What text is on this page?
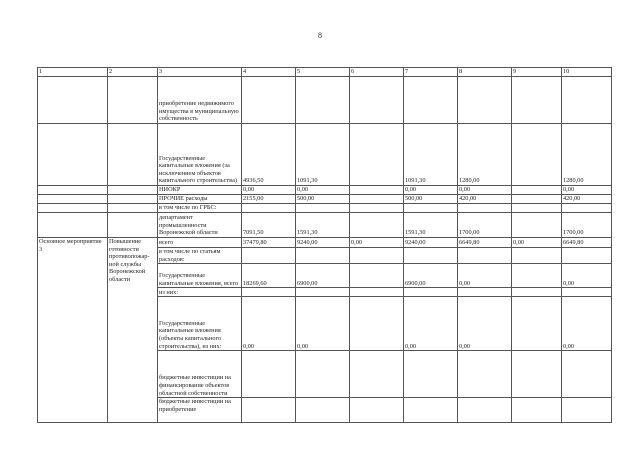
8
1	2	3	4	5	6	7	8	9	10
		приобретение недвижимого имущества в муниципальную собственность							
		Государственные капитальные вложения (за исключением объектов капитального строительства)	4936,50	1091,30		1091,30	1280,00		1280,00
		НИОКР	0,00	0,00		0,00	0,00		0,00
		ПРОЧИЕ расходы	2155,00	500,00		500,00	420,00		420,00
		в том числе по ГРБС:							
		департамент промышленности Воронежской области	7091,50	1591,30		1591,30	1700,00		1700,00
Основное мероприятие 3	Повышение готовности противопожар-ной службы Воронежской области	всего	37479,80	9240,00	0,00	9240,00	6649,80	0,00	6649,80
		в том числе по статьям расходов:							
		Государственные капитальные вложения, всего	18269,60	6900,00		6900,00	0,00		0,00
		из них:							
		Государственные капитальные вложения (объекты капитального строительства), из них:	0,00	0,00		0,00	0,00		0,00
		бюджетные инвестиции на финансирование объектов областной собственности							
		бюджетные инвестиции на приобретение							
